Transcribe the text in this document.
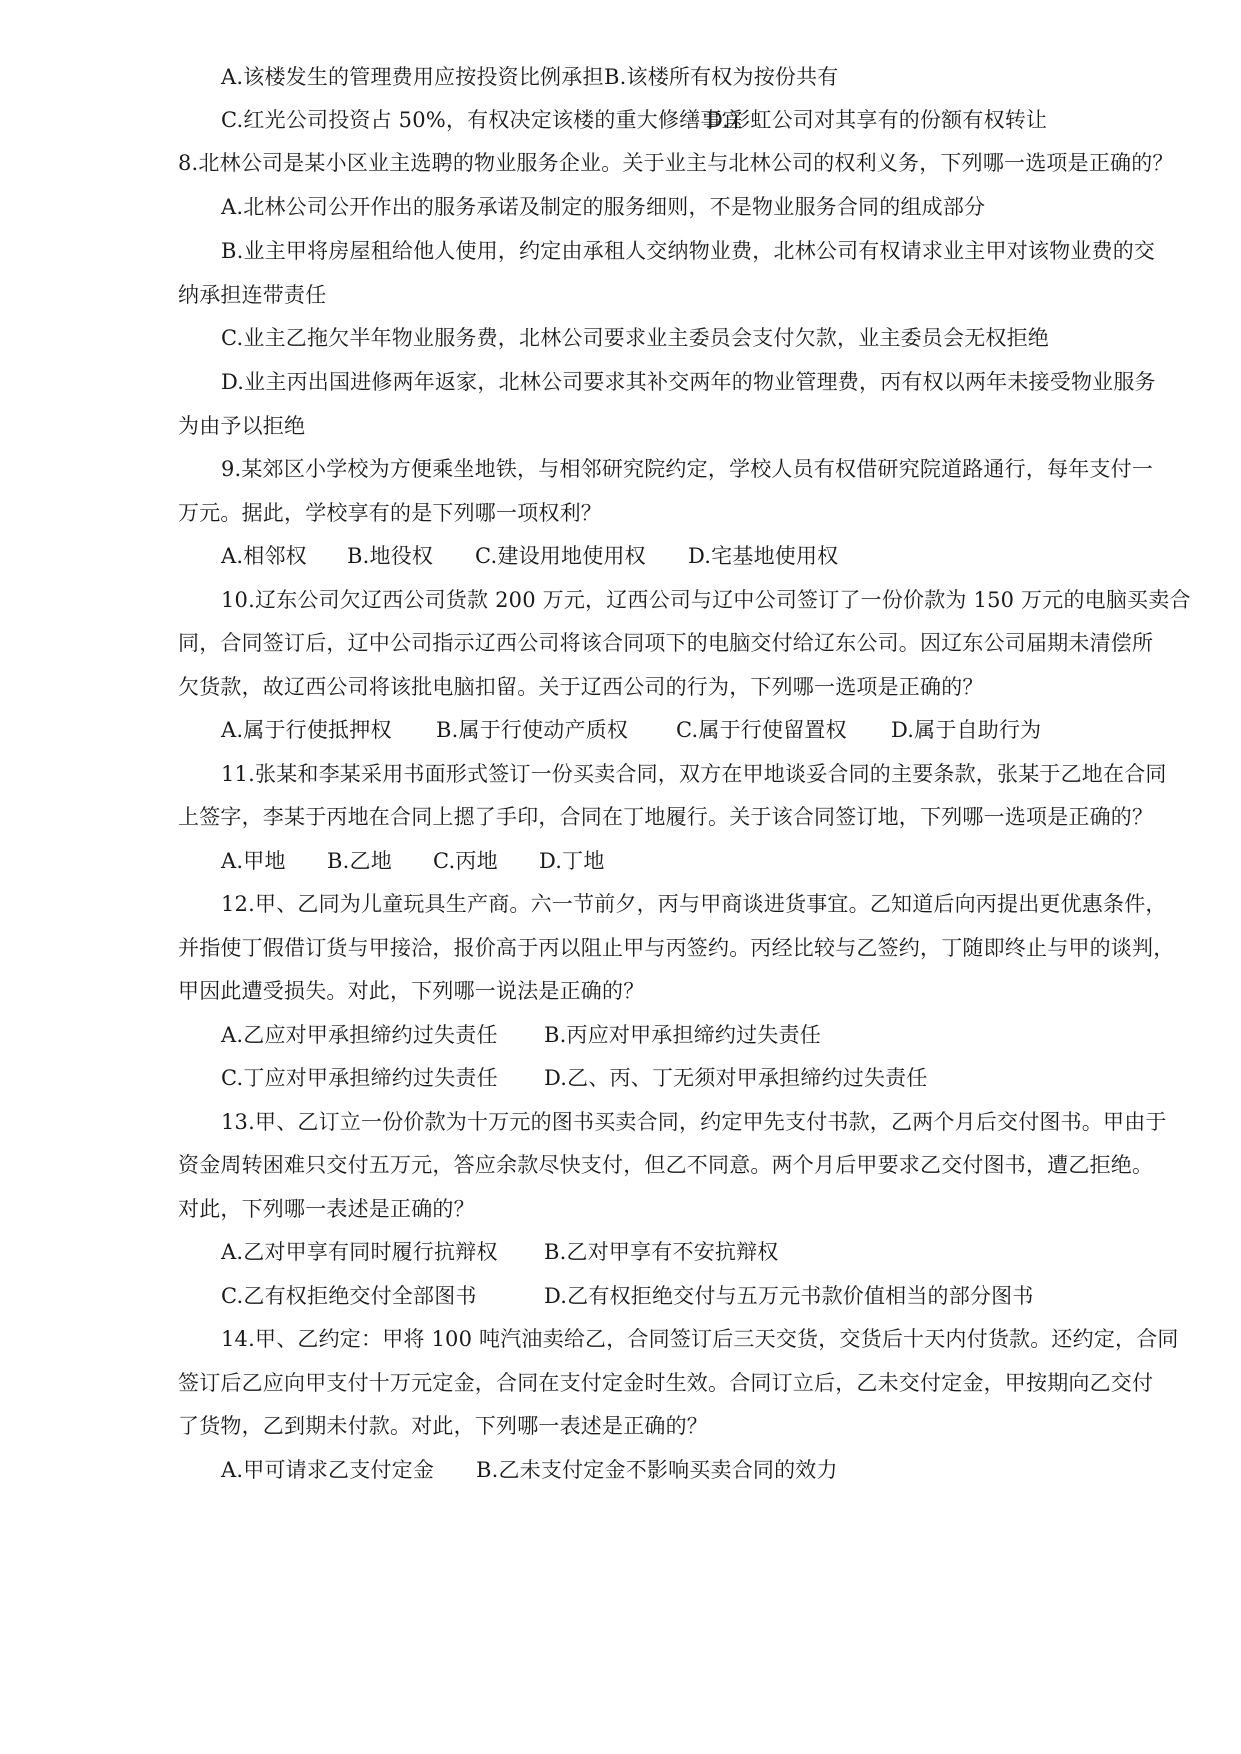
A.该楼发生的管理费用应按投资比例承担B.该楼所有权为按份共有
C.红光公司投资占 50%，有权决定该楼的重大修缮事宜D.彩虹公司对其享有的份额有权转让
8.北林公司是某小区业主选聘的物业服务企业。关于业主与北林公司的权利义务，下列哪一选项是正确的？
A.北林公司公开作出的服务承诺及制定的服务细则，不是物业服务合同的组成部分
B.业主甲将房屋租给他人使用，约定由承租人交纳物业费，北林公司有权请求业主甲对该物业费的交
纳承担连带责任
C.业主乙拖欠半年物业服务费，北林公司要求业主委员会支付欠款，业主委员会无权拒绝
D.业主丙出国进修两年返家，北林公司要求其补交两年的物业管理费，丙有权以两年未接受物业服务
为由予以拒绝
9.某郊区小学校为方便乘坐地铁，与相邻研究院约定，学校人员有权借研究院道路通行，每年支付一
万元。据此，学校享有的是下列哪一项权利？
A.相邻权 B.地役权 C.建设用地使用权 D.宅基地使用权
10.辽东公司欠辽西公司货款 200 万元，辽西公司与辽中公司签订了一份价款为 150 万元的电脑买卖合
同，合同签订后，辽中公司指示辽西公司将该合同项下的电脑交付给辽东公司。因辽东公司届期未清偿所
欠货款，故辽西公司将该批电脑扣留。关于辽西公司的行为，下列哪一选项是正确的？
A.属于行使抵押权 B.属于行使动产质权 C.属于行使留置权 D.属于自助行为
11.张某和李某采用书面形式签订一份买卖合同，双方在甲地谈妥合同的主要条款，张某于乙地在合同
上签字，李某于丙地在合同上摁了手印，合同在丁地履行。关于该合同签订地，下列哪一选项是正确的？
A.甲地 B.乙地 C.丙地 D.丁地
12.甲、乙同为儿童玩具生产商。六一节前夕，丙与甲商谈进货事宜。乙知道后向丙提出更优惠条件，
并指使丁假借订货与甲接洽，报价高于丙以阻止甲与丙签约。丙经比较与乙签约，丁随即终止与甲的谈判，
甲因此遭受损失。对此，下列哪一说法是正确的？
A.乙应对甲承担缔约过失责任 B.丙应对甲承担缔约过失责任
C.丁应对甲承担缔约过失责任 D.乙、丙、丁无须对甲承担缔约过失责任
13.甲、乙订立一份价款为十万元的图书买卖合同，约定甲先支付书款，乙两个月后交付图书。甲由于
资金周转困难只交付五万元，答应余款尽快支付，但乙不同意。两个月后甲要求乙交付图书，遭乙拒绝。
对此，下列哪一表述是正确的？
A.乙对甲享有同时履行抗辩权 B.乙对甲享有不安抗辩权
C.乙有权拒绝交付全部图书	D.乙有权拒绝交付与五万元书款价值相当的部分图书
14.甲、乙约定：甲将 100 吨汽油卖给乙，合同签订后三天交货，交货后十天内付货款。还约定，合同
签订后乙应向甲支付十万元定金，合同在支付定金时生效。合同订立后，乙未交付定金，甲按期向乙交付
了货物，乙到期未付款。对此，下列哪一表述是正确的？
A.甲可请求乙支付定金 B.乙未支付定金不影响买卖合同的效力
